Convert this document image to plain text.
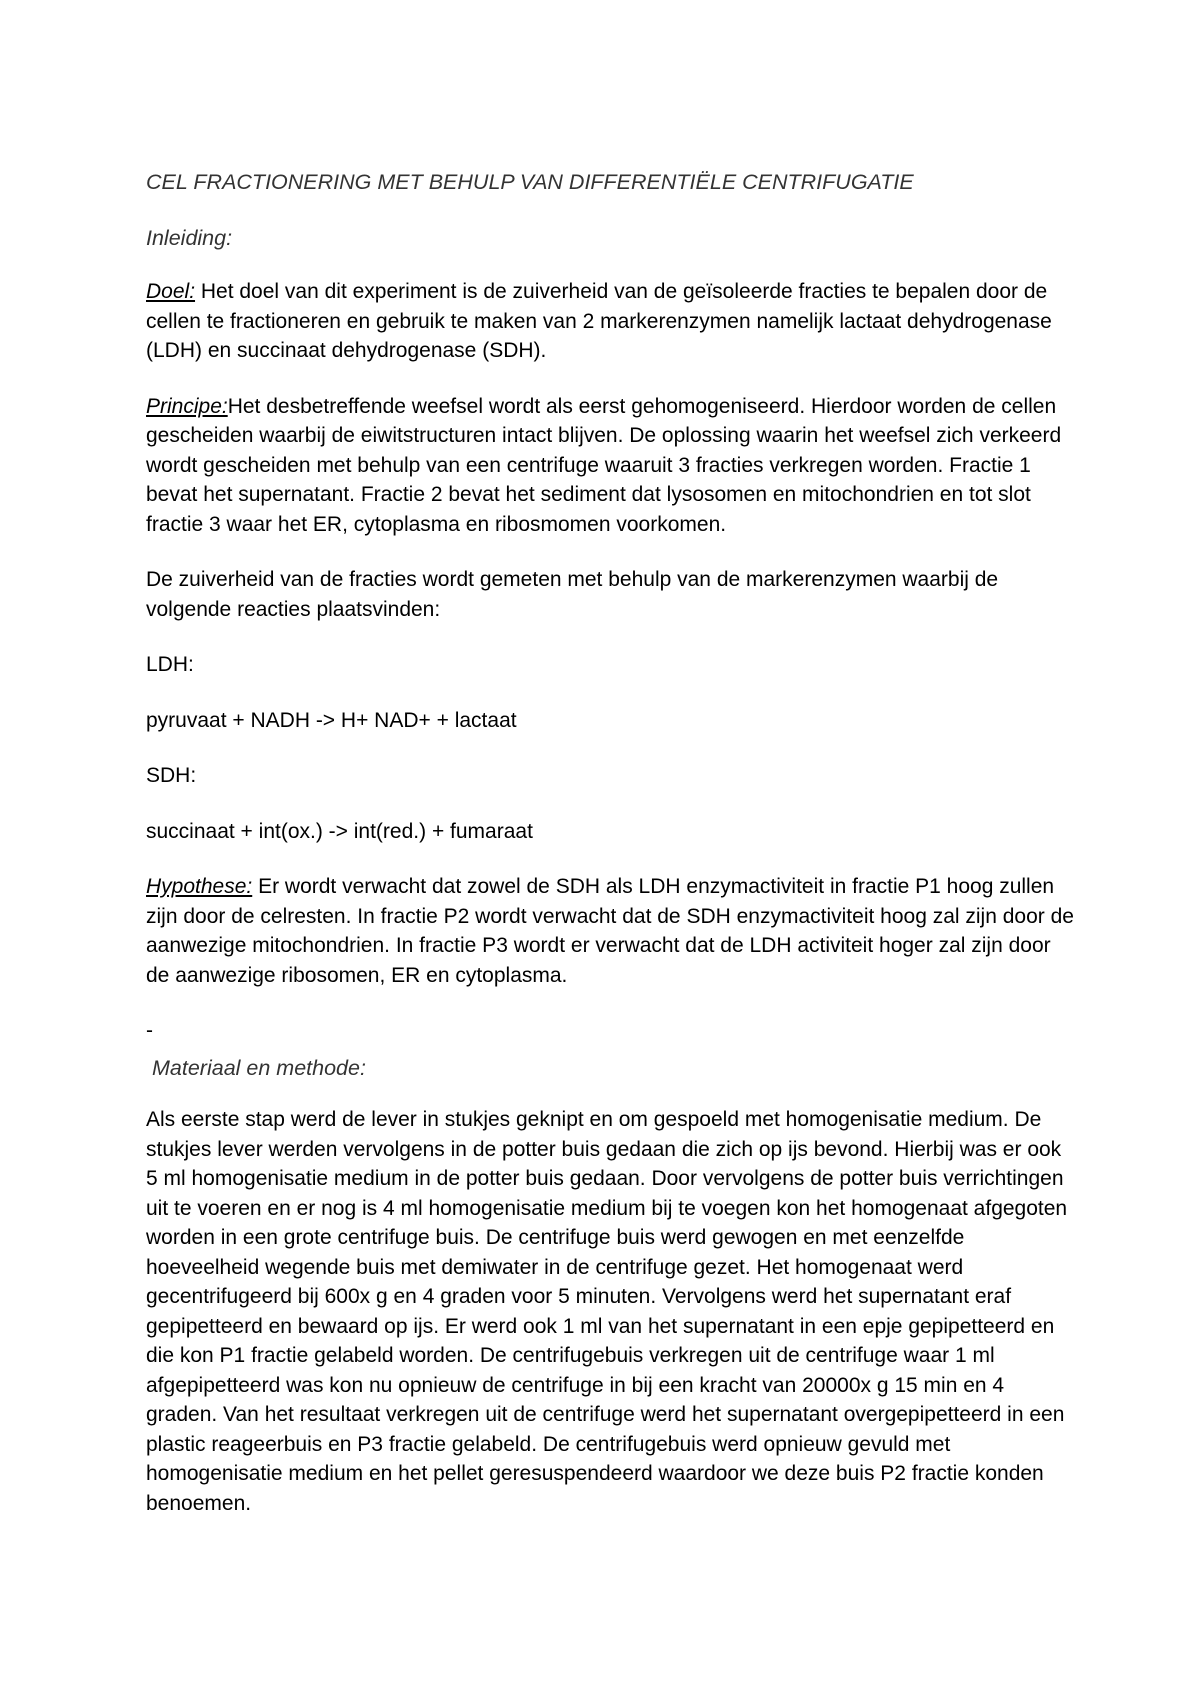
CEL FRACTIONERING MET BEHULP VAN DIFFERENTIËLE CENTRIFUGATIE
Inleiding:

Doel: Het doel van dit experiment is de zuiverheid van de geïsoleerde fracties te bepalen door de cellen te fractioneren en gebruik te maken van 2 markerenzymen namelijk lactaat dehydrogenase (LDH) en succinaat dehydrogenase (SDH).

Principe:Het desbetreffende weefsel wordt als eerst gehomogeniseerd. Hierdoor worden de cellen gescheiden waarbij de eiwitstructuren intact blijven. De oplossing waarin het weefsel zich verkeerd wordt gescheiden met behulp van een centrifuge waaruit 3 fracties verkregen worden. Fractie 1 bevat het supernatant. Fractie 2 bevat het sediment dat lysosomen en mitochondrien en tot slot fractie 3 waar het ER, cytoplasma en ribosmomen voorkomen.

De zuiverheid van de fracties wordt gemeten met behulp van de markerenzymen waarbij de volgende reacties plaatsvinden:

LDH:

pyruvaat + NADH -> H+ NAD+ + lactaat

SDH:

succinaat + int(ox.) -> int(red.) + fumaraat

Hypothese: Er wordt verwacht dat zowel de SDH als LDH enzymactiviteit in fractie P1 hoog zullen zijn door de celresten. In fractie P2 wordt verwacht dat de SDH enzymactiviteit hoog zal zijn door de aanwezige mitochondrien. In fractie P3 wordt er verwacht dat de LDH activiteit hoger zal zijn door de aanwezige ribosomen, ER en cytoplasma.

-
Materiaal en methode:

Als eerste stap werd de lever in stukjes geknipt en om gespoeld met homogenisatie medium. De stukjes lever werden vervolgens in de potter buis gedaan die zich op ijs bevond. Hierbij was er ook 5 ml homogenisatie medium in de potter buis gedaan. Door vervolgens de potter buis verrichtingen uit te voeren en er nog is 4 ml homogenisatie medium bij te voegen kon het homogenaat afgegoten worden in een grote centrifuge buis. De centrifuge buis werd gewogen en met eenzelfde hoeveelheid wegende buis met demiwater in de centrifuge gezet. Het homogenaat werd gecentrifugeerd bij 600x g en 4 graden voor 5 minuten. Vervolgens werd het supernatant eraf gepipetteerd en bewaard op ijs. Er werd ook 1 ml van het supernatant in een epje gepipetteerd en die kon P1 fractie gelabeld worden. De centrifugebuis verkregen uit de centrifuge waar 1 ml afgepipetteerd was kon nu opnieuw de centrifuge in bij een kracht van 20000x g 15 min en 4 graden. Van het resultaat verkregen uit de centrifuge werd het supernatant overgepipetteerd in een plastic reageerbuis en P3 fractie gelabeld. De centrifugebuis werd opnieuw gevuld met homogenisatie medium en het pellet geresuspendeerd waardoor we deze buis P2 fractie konden benoemen.
